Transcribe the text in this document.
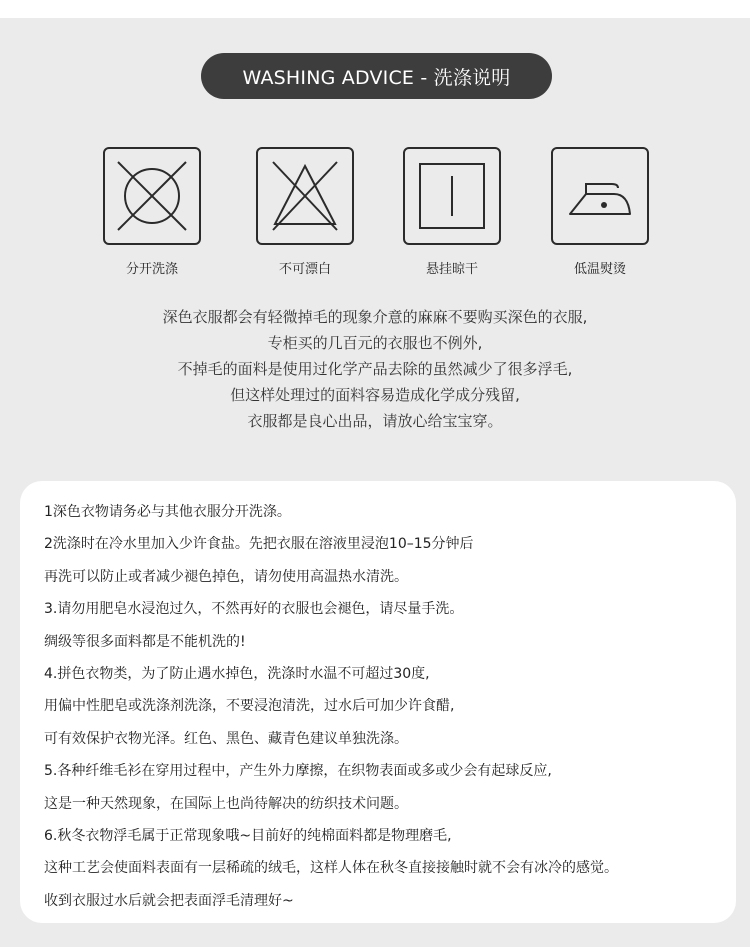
WASHING ADVICE - 洗涤说明
分开洗涤	不可漂白	悬挂晾干	低温熨烫
深色衣服都会有轻微掉毛的现象介意的麻麻不要购买深色的衣服,
专柜买的几百元的衣服也不例外,
不掉毛的面料是使用过化学产品去除的虽然减少了很多浮毛,
但这样处理过的面料容易造成化学成分残留,
衣服都是良心出品，请放心给宝宝穿。
1深色衣物请务必与其他衣服分开洗涤。
2洗涤时在冷水里加入少许食盐。先把衣服在溶液里浸泡10–15分钟后
再洗可以防止或者减少褪色掉色，请勿使用高温热水清洗。
3.请勿用肥皂水浸泡过久，不然再好的衣服也会褪色，请尽量手洗。
绸级等很多面料都是不能机洗的!
4.拼色衣物类，为了防止遇水掉色，洗涤时水温不可超过30度,
用偏中性肥皂或洗涤剂洗涤，不要浸泡清洗，过水后可加少许食醋,
可有效保护衣物光泽。红色、黑色、藏青色建议单独洗涤。
5.各种纤维毛衫在穿用过程中，产生外力摩擦，在织物表面或多或少会有起球反应,
这是一种天然现象，在国际上也尚待解决的纺织技术问题。
6.秋冬衣物浮毛属于正常现象哦~目前好的纯棉面料都是物理磨毛,
这种工艺会使面料表面有一层稀疏的绒毛，这样人体在秋冬直接接触时就不会有冰冷的感觉。
收到衣服过水后就会把表面浮毛清理好~
